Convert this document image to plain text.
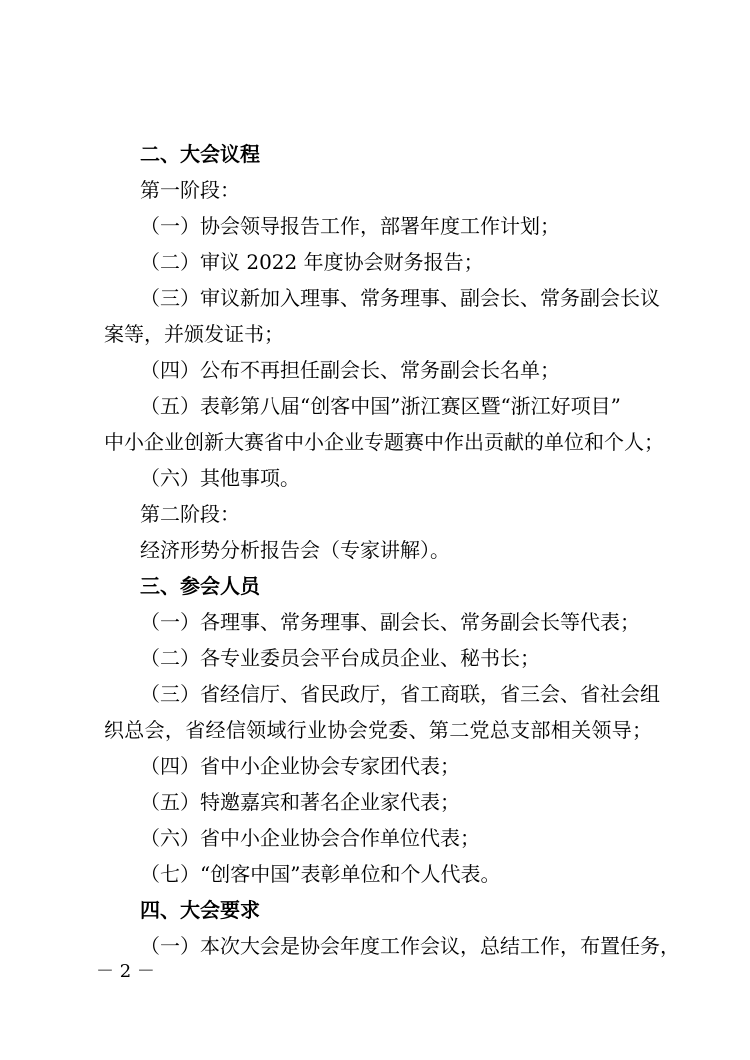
二、大会议程
第一阶段：
（一）协会领导报告工作，部署年度工作计划；
（二）审议 2022 年度协会财务报告；
（三）审议新加入理事、常务理事、副会长、常务副会长议
案等，并颁发证书；
（四）公布不再担任副会长、常务副会长名单；
（五）表彰第八届“创客中国”浙江赛区暨“浙江好项目”
中小企业创新大赛省中小企业专题赛中作出贡献的单位和个人；
（六）其他事项。
第二阶段：
经济形势分析报告会（专家讲解）。
三、参会人员
（一）各理事、常务理事、副会长、常务副会长等代表；
（二）各专业委员会平台成员企业、秘书长；
（三）省经信厅、省民政厅，省工商联，省三会、省社会组
织总会，省经信领域行业协会党委、第二党总支部相关领导；
（四）省中小企业协会专家团代表；
（五）特邀嘉宾和著名企业家代表；
（六）省中小企业协会合作单位代表；
（七）“创客中国”表彰单位和个人代表。
四、大会要求
（一）本次大会是协会年度工作会议，总结工作，布置任务，
－ 2 －
